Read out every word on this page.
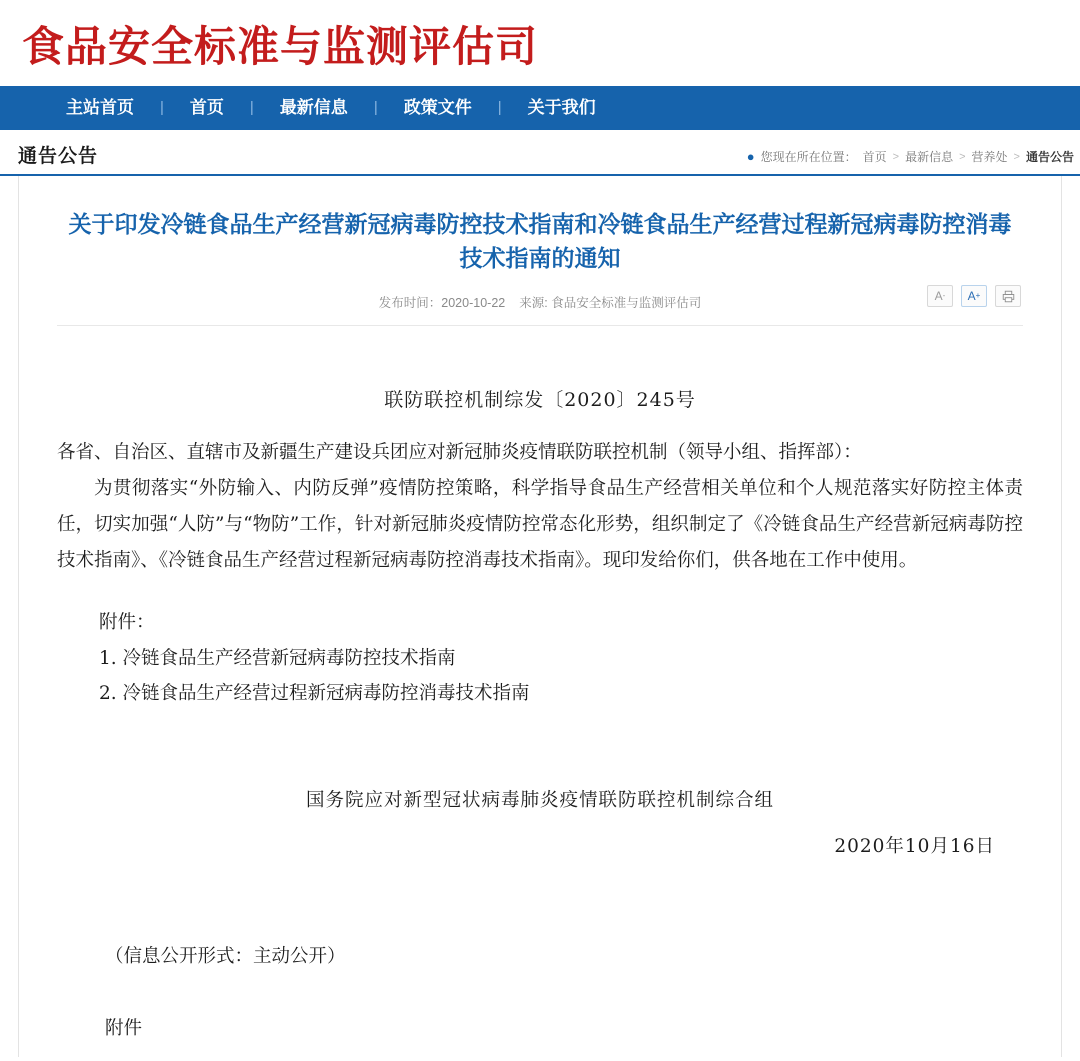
食品安全标准与监测评估司
主站首页	|	首页	|	最新信息	|	政策文件	|	关于我们
通告公告	● 您现在所在位置： 首页 > 最新信息 > 营养处 > 通告公告
关于印发冷链食品生产经营新冠病毒防控技术指南和冷链食品生产经营过程新冠病毒防控消毒技术指南的通知
发布时间：2020-10-22 来源: 食品安全标准与监测评估司	A - A +
联防联控机制综发〔2020〕245号
各省、自治区、直辖市及新疆生产建设兵团应对新冠肺炎疫情联防联控机制（领导小组、指挥部）：
为贯彻落实“外防输入、内防反弹”疫情防控策略，科学指导食品生产经营相关单位和个人规范落实好防控主体责任，切实加强“人防”与“物防”工作，针对新冠肺炎疫情防控常态化形势，组织制定了《冷链食品生产经营新冠病毒防控技术指南》、《冷链食品生产经营过程新冠病毒防控消毒技术指南》。现印发给你们，供各地在工作中使用。
附件：
1. 冷链食品生产经营新冠病毒防控技术指南
2. 冷链食品生产经营过程新冠病毒防控消毒技术指南
国务院应对新型冠状病毒肺炎疫情联防联控机制综合组
2020年10月16日
（信息公开形式：主动公开）
附件
